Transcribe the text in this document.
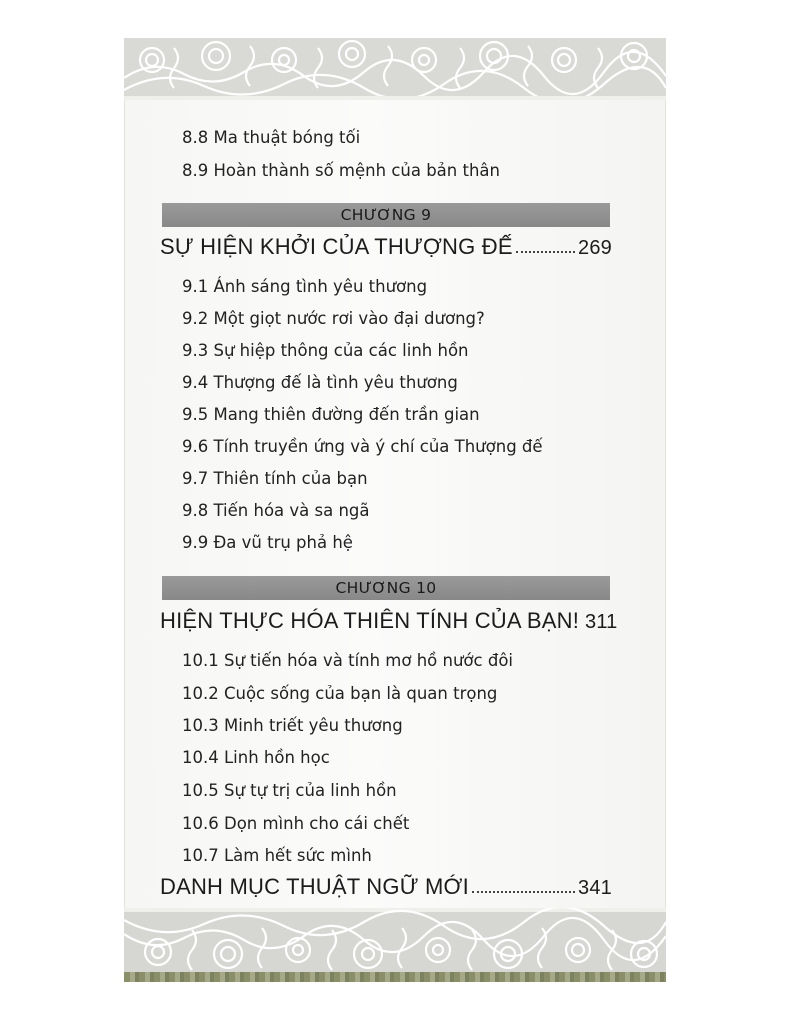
8.8 Ma thuật bóng tối
8.9 Hoàn thành số mệnh của bản thân
CHƯƠNG 9
SỰ HIỆN KHỞI CỦA THƯỢNG ĐẾ	269
9.1 Ánh sáng tình yêu thương
9.2 Một giọt nước rơi vào đại dương?
9.3 Sự hiệp thông của các linh hồn
9.4 Thượng đế là tình yêu thương
9.5 Mang thiên đường đến trần gian
9.6 Tính truyền ứng và ý chí của Thượng đế
9.7 Thiên tính của bạn
9.8 Tiến hóa và sa ngã
9.9 Đa vũ trụ phả hệ
CHƯƠNG 10
HIỆN THỰC HÓA THIÊN TÍNH CỦA BẠN! 311
10.1 Sự tiến hóa và tính mơ hồ nước đôi
10.2 Cuộc sống của bạn là quan trọng
10.3 Minh triết yêu thương
10.4 Linh hồn học
10.5 Sự tự trị của linh hồn
10.6 Dọn mình cho cái chết
10.7 Làm hết sức mình
DANH MỤC THUẬT NGỮ MỚI	341
